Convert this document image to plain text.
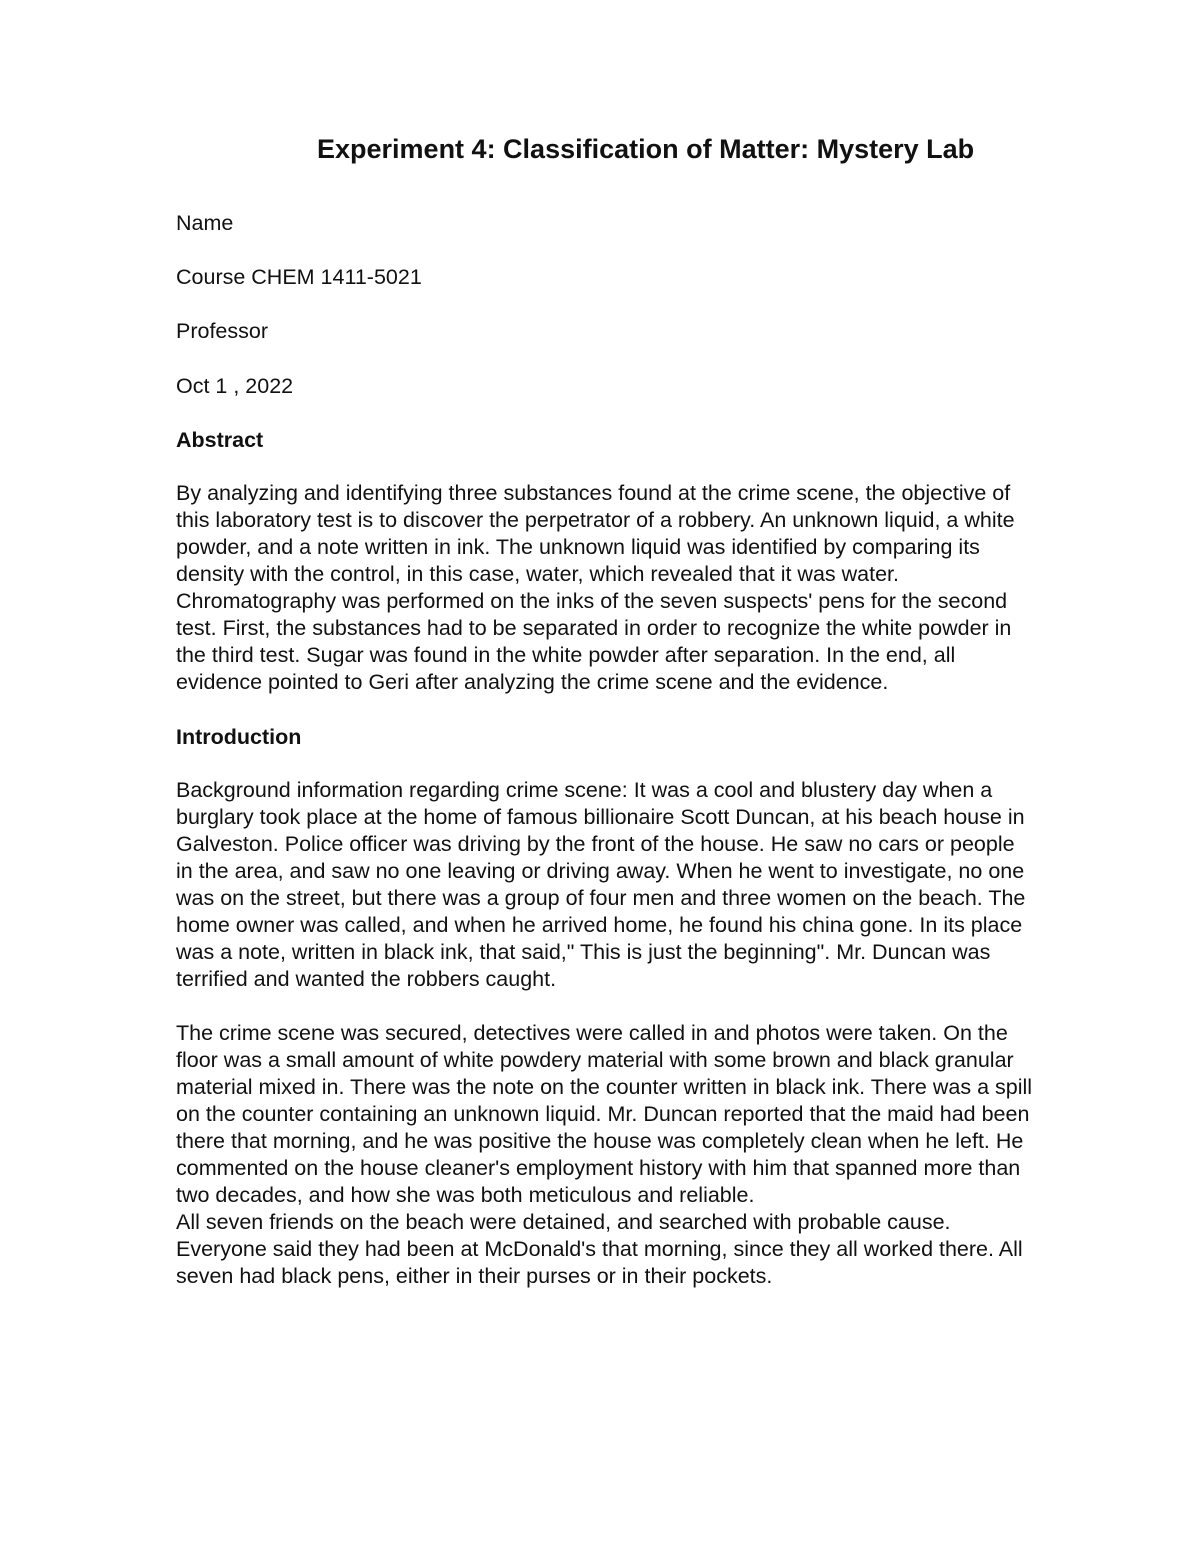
Experiment 4: Classification of Matter: Mystery Lab

Name

Course CHEM 1411-5021

Professor

Oct 1 , 2022

Abstract

By analyzing and identifying three substances found at the crime scene, the objective of this laboratory test is to discover the perpetrator of a robbery. An unknown liquid, a white powder, and a note written in ink. The unknown liquid was identified by comparing its density with the control, in this case, water, which revealed that it was water. Chromatography was performed on the inks of the seven suspects' pens for the second test. First, the substances had to be separated in order to recognize the white powder in the third test. Sugar was found in the white powder after separation. In the end, all evidence pointed to Geri after analyzing the crime scene and the evidence.

Introduction

Background information regarding crime scene: It was a cool and blustery day when a burglary took place at the home of famous billionaire Scott Duncan, at his beach house in Galveston. Police officer was driving by the front of the house. He saw no cars or people in the area, and saw no one leaving or driving away. When he went to investigate, no one was on the street, but there was a group of four men and three women on the beach. The home owner was called, and when he arrived home, he found his china gone. In its place was a note, written in black ink, that said," This is just the beginning". Mr. Duncan was terrified and wanted the robbers caught.

The crime scene was secured, detectives were called in and photos were taken. On the floor was a small amount of white powdery material with some brown and black granular material mixed in. There was the note on the counter written in black ink. There was a spill on the counter containing an unknown liquid. Mr. Duncan reported that the maid had been there that morning, and he was positive the house was completely clean when he left. He commented on the house cleaner's employment history with him that spanned more than two decades, and how she was both meticulous and reliable.

All seven friends on the beach were detained, and searched with probable cause. Everyone said they had been at McDonald's that morning, since they all worked there. All seven had black pens, either in their purses or in their pockets.
